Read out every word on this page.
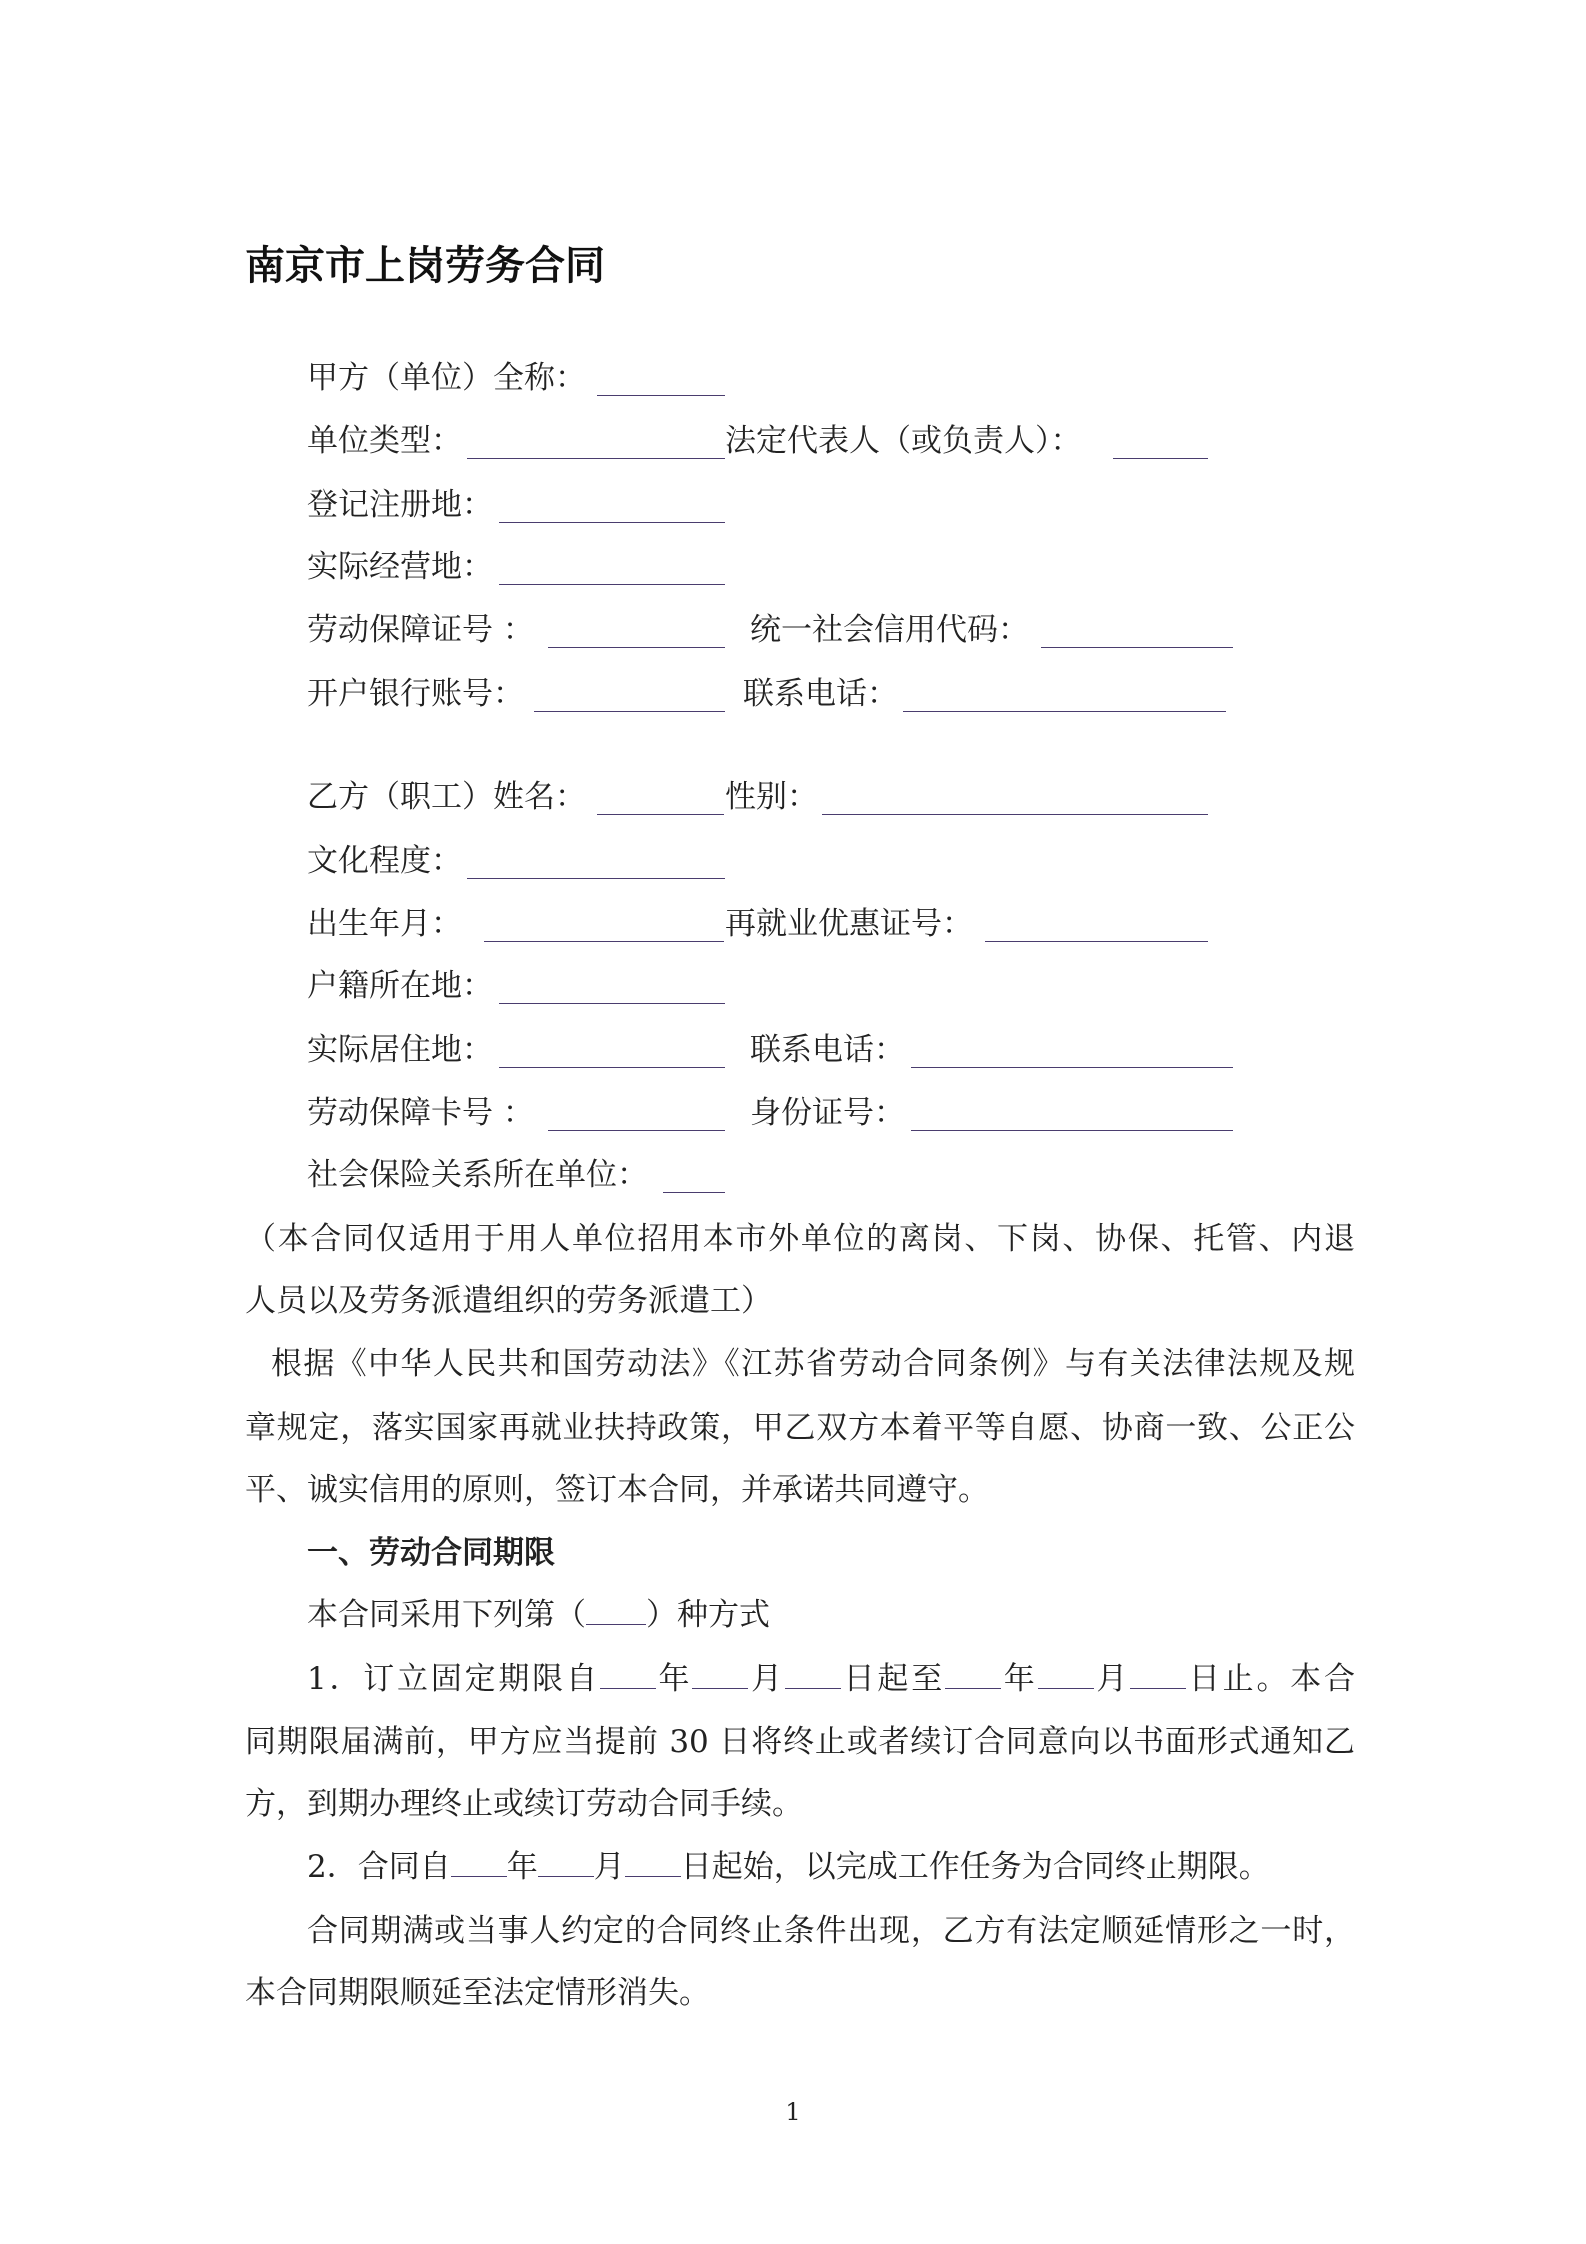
南京市上岗劳务合同
甲方（单位）全称：
单位类型：	法定代表人（或负责人）：
登记注册地：
实际经营地：
劳动保障证号 ：	统一社会信用代码：
开户银行账号：	联系电话：
乙方（职工）姓名：	性别：
文化程度：
出生年月：	再就业优惠证号：
户籍所在地：
实际居住地：	联系电话：
劳动保障卡号 ：	身份证号：
社会保险关系所在单位：
（本合同仅适用于用人单位招用本市外单位的离岗、下岗、协保、托管、内退
人员以及劳务派遣组织的劳务派遣工）
根据《中华人民共和国劳动法》《江苏省劳动合同条例》与有关法律法规及规
章规定，落实国家再就业扶持政策，甲乙双方本着平等自愿、协商一致、公正公
平、诚实信用的原则，签订本合同，并承诺共同遵守。
一、劳动合同期限
本合同采用下列第（ ）种方式
1．订立固定期限自 年 月 日起至 年 月 日止。本合
同期限届满前，甲方应当提前 30 日将终止或者续订合同意向以书面形式通知乙
方，到期办理终止或续订劳动合同手续。
2．合同自 年 月 日起始，以完成工作任务为合同终止期限。
合同期满或当事人约定的合同终止条件出现，乙方有法定顺延情形之一时，
本合同期限顺延至法定情形消失。
1
